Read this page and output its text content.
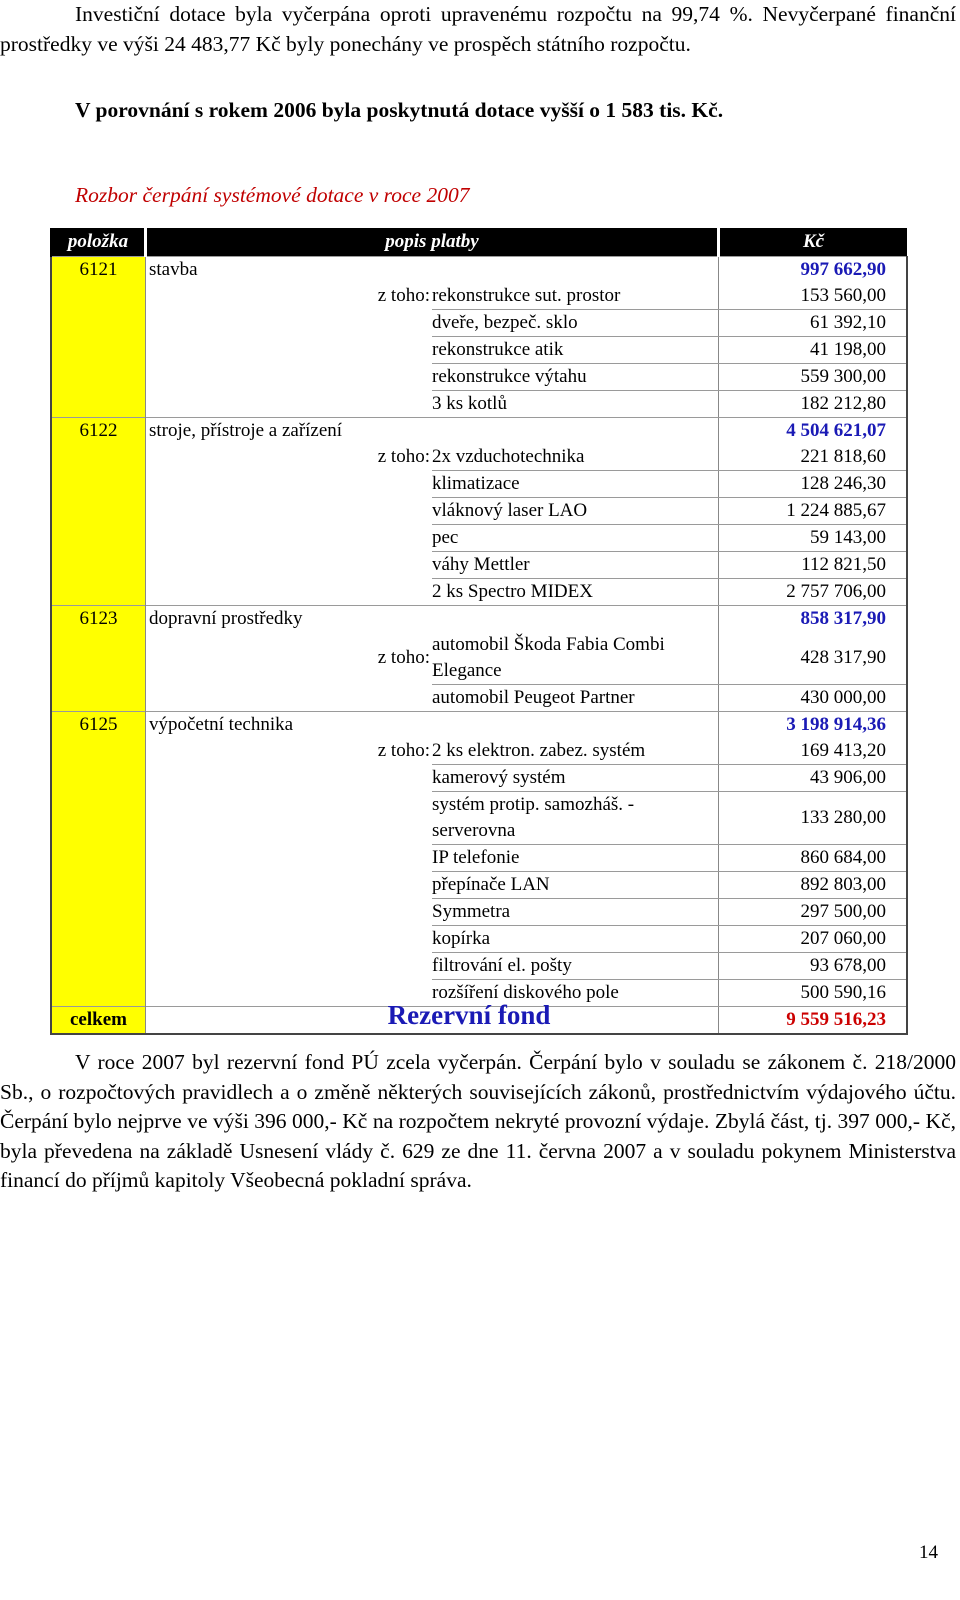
Investiční dotace byla vyčerpána oproti upravenému rozpočtu na 99,74 %. Nevyčerpané finanční prostředky ve výši 24 483,77 Kč byly ponechány ve prospěch státního rozpočtu.

V porovnání s rokem 2006 byla poskytnutá dotace vyšší o 1 583 tis. Kč.
Rozbor čerpání systémové dotace v roce 2007
položka	popis platby		Kč
6121	stavba		997 662,90
	z toho:	rekonstrukce sut. prostor	153 560,00
		dveře, bezpeč. sklo	61 392,10
		rekonstrukce atik	41 198,00
		rekonstrukce výtahu	559 300,00
		3 ks kotlů	182 212,80
6122	stroje, přístroje a zařízení		4 504 621,07
	z toho:	2x vzduchotechnika	221 818,60
		klimatizace	128 246,30
		vláknový laser LAO	1 224 885,67
		pec	59 143,00
		váhy Mettler	112 821,50
		2 ks Spectro MIDEX	2 757 706,00
6123	dopravní prostředky		858 317,90
	z toho:	automobil Škoda Fabia Combi Elegance	428 317,90
		automobil Peugeot Partner	430 000,00
6125	výpočetní technika		3 198 914,36
	z toho:	2 ks elektron. zabez. systém	169 413,20
		kamerový systém	43 906,00
		systém protip. samozháš. - serverovna	133 280,00
		IP telefonie	860 684,00
		přepínače LAN	892 803,00
		Symmetra	297 500,00
		kopírka	207 060,00
		filtrování el. pošty	93 678,00
		rozšíření diskového pole	500 590,16
celkem			9 559 516,23
Rezervní fond

V roce 2007 byl rezervní fond PÚ zcela vyčerpán. Čerpání bylo v souladu se zákonem č. 218/2000 Sb., o rozpočtových pravidlech a o změně některých souvisejících zákonů, prostřednictvím výdajového účtu. Čerpání bylo nejprve ve výši 396 000,- Kč na rozpočtem nekryté provozní výdaje. Zbylá část, tj. 397 000,- Kč, byla převedena na základě Usnesení vlády č. 629 ze dne 11. června 2007 a v souladu pokynem Ministerstva financí do příjmů kapitoly Všeobecná pokladní správa.

14
